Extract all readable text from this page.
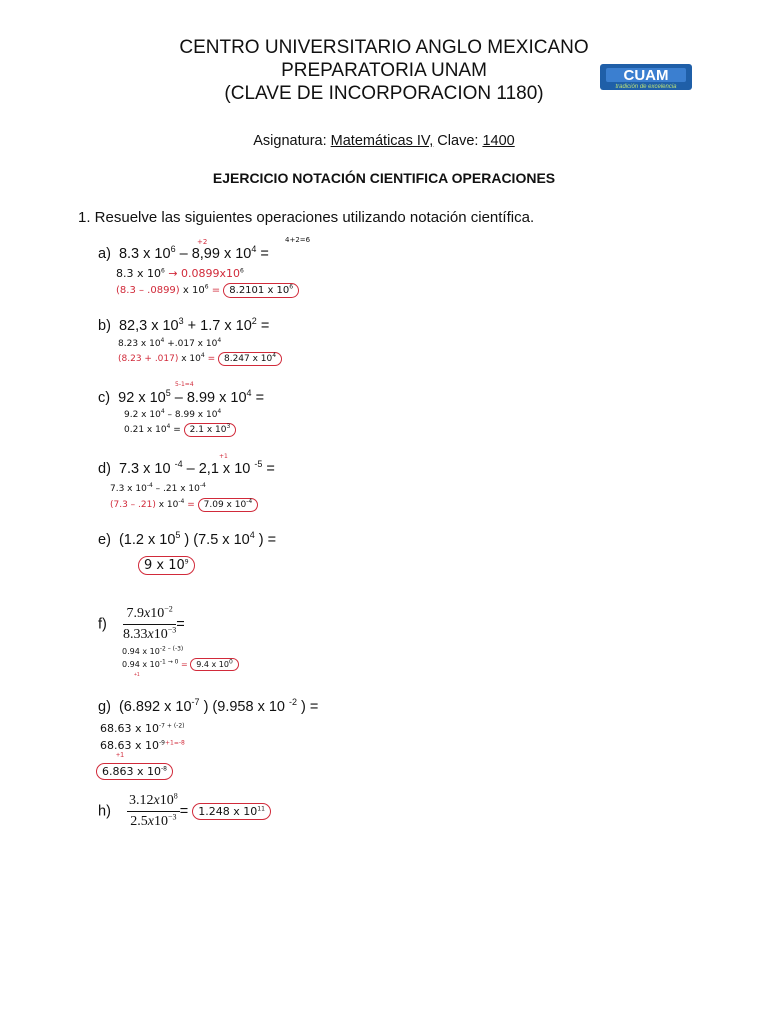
CENTRO UNIVERSITARIO ANGLO MEXICANO
PREPARATORIA UNAM
(CLAVE DE INCORPORACION 1180)
CUAM
tradición de excelencia
Asignatura: Matemáticas IV, Clave: 1400
EJERCICIO NOTACIÓN CIENTIFICA OPERACIONES
1. Resuelve las siguientes operaciones utilizando notación científica.
a) 8.3 x $10^6 - 8,99$ x $10^4$ =
+2	4+2=6
8.3 x $10^6 \to 0.0899x10^6$
(8.3 – .0899) x $10^6 = 8.2101$ x $10^6$
b) 82,3 x $10^3 + 1.7$ x $10^2$ =
8.23 x $10^4 +.017$ x $10^4$
(8.23 + .017) x $10^4 = 8.247$ x $10^4$
c) 92 x $10^5 - 8.99$ x $10^4$ =
5-1=4
9.2 x $10^4 - 8.99$ x $10^4$
0.21 x $10^4 = 2.1$ x $10^3$
d) 7.3 x 10 $^{-4}$ – 2,1 x 10 $^{-5}$ =
+1
7.3 x $10^{-4} - .21$ x $10^{-4}$
(7.3 – .21) x $10^{-4} = 7.09$ x $10^{-4}$
e) (1.2 x $10^5$ ) (7.5 x $10^4$ ) =
9 x $10^9$
$f) \frac{7.9x10^{-2}}{8.33x10^{-3}}$ =
0.94 x $10^{-2 - (-3)}$
0.94 x $10^{-1 \to 0} = 9.4$ x $10^0$
+1
g) (6.892 x $10^{-7}$ ) (9.958 x 10 $^{-2}$ ) =
68.63 x $10^{-7 + (-2)}$
68.63 x $10^{-9+1=-8}$
+1
6.863 x $10^{-8}$
$h) \frac{3.12x10^8}{2.5x10^{-3}} = 1.248$ x $10^{11}$
